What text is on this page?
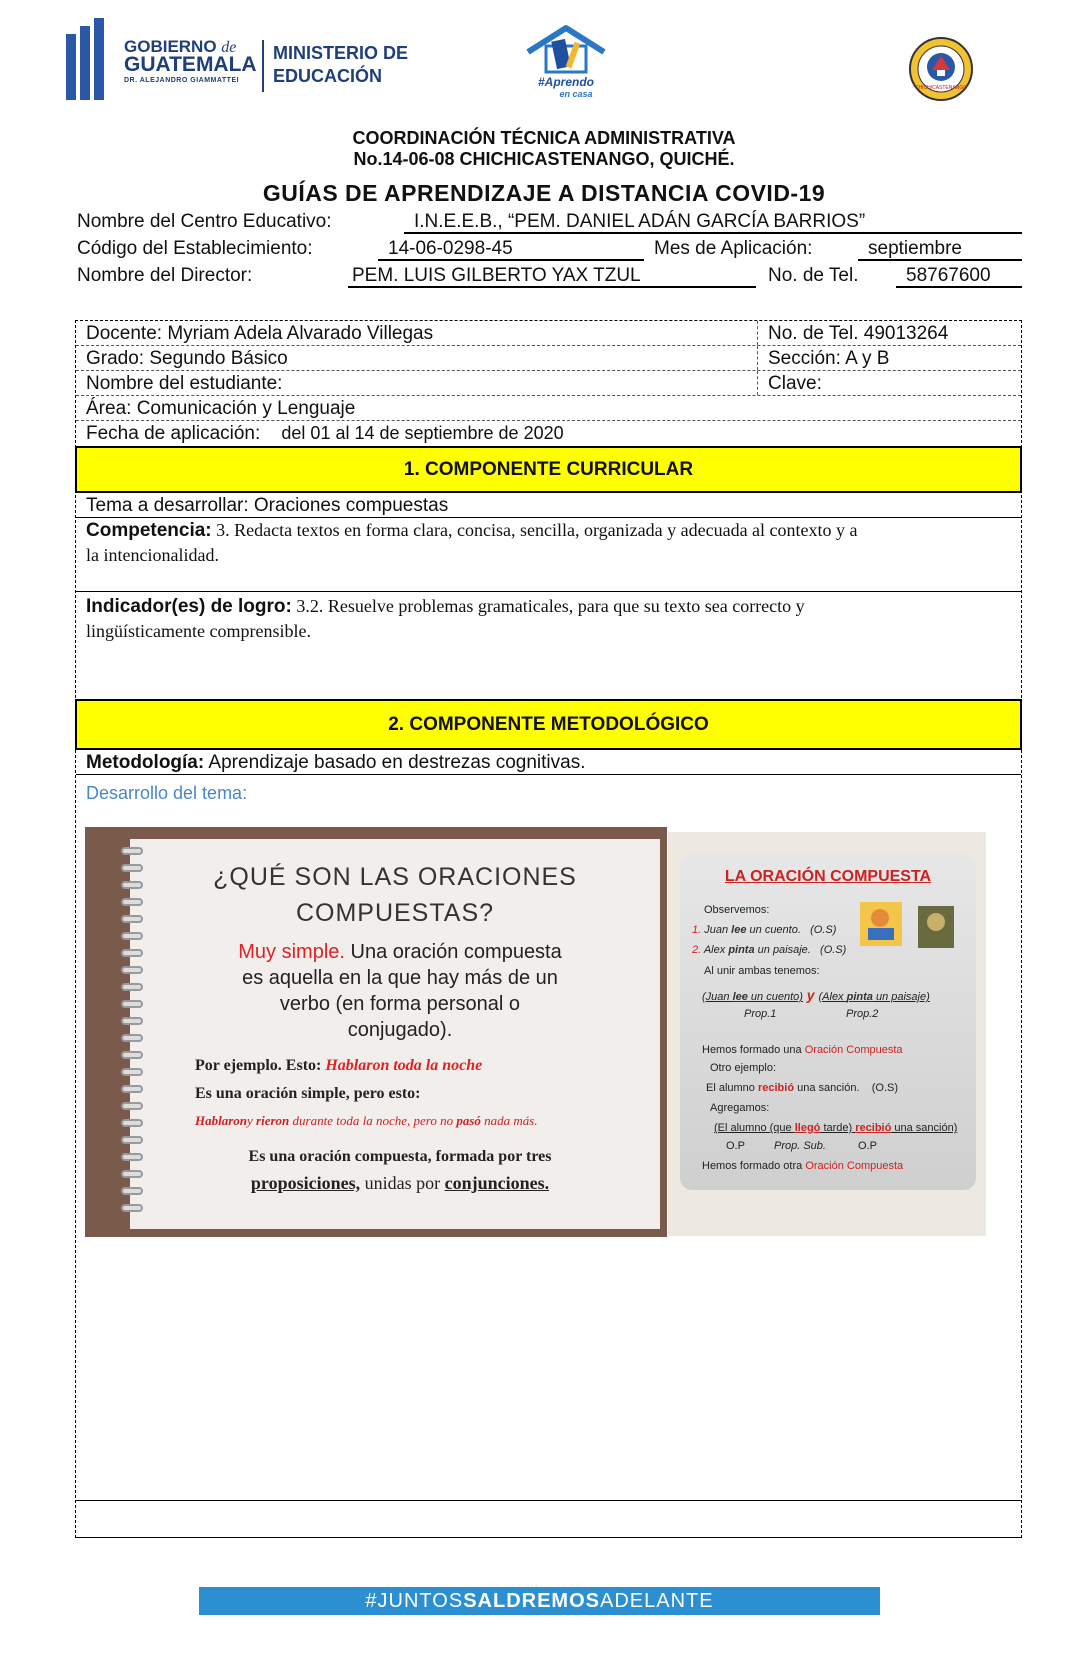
GOBIERNO de
GUATEMALA
DR. ALEJANDRO GIAMMATTEI
MINISTERIO DE
EDUCACIÓN	#Aprendo
en casa
CHICHICASTENANGO
COORDINACIÓN TÉCNICA ADMINISTRATIVA
No.14-06-08 CHICHICASTENANGO, QUICHÉ.
GUÍAS DE APRENDIZAJE A DISTANCIA COVID-19
Nombre del Centro Educativo:	I.N.E.E.B., “PEM. DANIEL ADÁN GARCÍA BARRIOS”
Código del Establecimiento:	14-06-0298-45	Mes de Aplicación:	septiembre
Nombre del Director:	PEM. LUIS GILBERTO YAX TZUL	No. de Tel.	58767600
Docente: Myriam Adela Alvarado Villegas	No. de Tel. 49013264
Grado: Segundo Básico	Sección: A y B
Nombre del estudiante:	Clave:
Área: Comunicación y Lenguaje
Fecha de aplicación: del 01 al 14 de septiembre de 2020
1. COMPONENTE CURRICULAR
Tema a desarrollar: Oraciones compuestas
Competencia: 3. Redacta textos en forma clara, concisa, sencilla, organizada y adecuada al contexto y a
la intencionalidad.
Indicador(es) de logro: 3.2. Resuelve problemas gramaticales, para que su texto sea correcto y
lingüísticamente comprensible.
2. COMPONENTE METODOLÓGICO
Metodología: Aprendizaje basado en destrezas cognitivas.
Desarrollo del tema:
¿QUÉ SON LAS ORACIONES
COMPUESTAS?
Muy simple. Una oración compuesta
es aquella en la que hay más de un
verbo (en forma personal o
conjugado).
Por ejemplo. Esto: Hablaron toda la noche
Es una oración simple, pero esto:
Hablarony rieron durante toda la noche, pero no pasó nada más.
Es una oración compuesta, formada por tres
proposiciones, unidas por conjunciones.
LA ORACIÓN COMPUESTA
Observemos:
1. Juan lee un cuento. (O.S)
2. Alex pinta un paisaje. (O.S)
Al unir ambas tenemos:
(Juan lee un cuento) y (Alex pinta un paisaje)
Prop.1	Prop.2
Hemos formado una Oración Compuesta
Otro ejemplo:
El alumno recibió una sanción. (O.S)
Agregamos:
(El alumno (que llegó tarde) recibió una sanción)
O.P	Prop. Sub.	O.P
Hemos formado otra Oración Compuesta
#JUNTOSSALDREMOSADELANTE
